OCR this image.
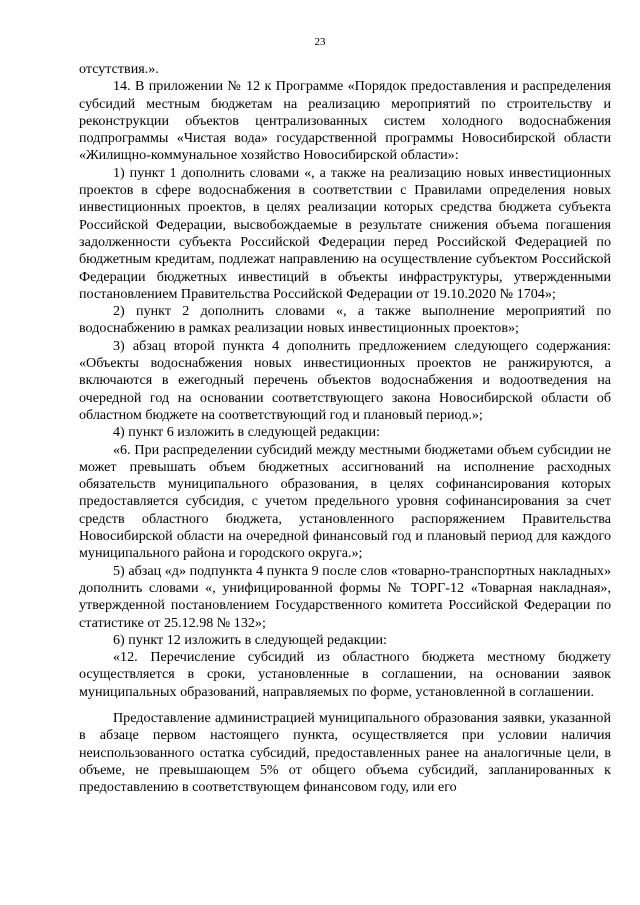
23

отсутствия.».

14. В приложении № 12 к Программе «Порядок предоставления и распределения субсидий местным бюджетам на реализацию мероприятий по строительству и реконструкции объектов централизованных систем холодного водоснабжения подпрограммы «Чистая вода» государственной программы Новосибирской области «Жилищно-коммунальное хозяйство Новосибирской области»:

1) пункт 1 дополнить словами «, а также на реализацию новых инвестиционных проектов в сфере водоснабжения в соответствии с Правилами определения новых инвестиционных проектов, в целях реализации которых средства бюджета субъекта Российской Федерации, высвобождаемые в результате снижения объема погашения задолженности субъекта Российской Федерации перед Российской Федерацией по бюджетным кредитам, подлежат направлению на осуществление субъектом Российской Федерации бюджетных инвестиций в объекты инфраструктуры, утвержденными постановлением Правительства Российской Федерации от 19.10.2020 № 1704»;

2) пункт 2 дополнить словами «, а также выполнение мероприятий по водоснабжению в рамках реализации новых инвестиционных проектов»;

3) абзац второй пункта 4 дополнить предложением следующего содержания: «Объекты водоснабжения новых инвестиционных проектов не ранжируются, а включаются в ежегодный перечень объектов водоснабжения и водоотведения на очередной год на основании соответствующего закона Новосибирской области об областном бюджете на соответствующий год и плановый период.»;

4) пункт 6 изложить в следующей редакции:

«6. При распределении субсидий между местными бюджетами объем субсидии не может превышать объем бюджетных ассигнований на исполнение расходных обязательств муниципального образования, в целях софинансирования которых предоставляется субсидия, с учетом предельного уровня софинансирования за счет средств областного бюджета, установленного распоряжением Правительства Новосибирской области на очередной финансовый год и плановый период для каждого муниципального района и городского округа.»;

5) абзац «д» подпункта 4 пункта 9 после слов «товарно-транспортных накладных» дополнить словами «, унифицированной формы № ТОРГ-12 «Товарная накладная», утвержденной постановлением Государственного комитета Российской Федерации по статистике от 25.12.98 № 132»;

6) пункт 12 изложить в следующей редакции:

«12. Перечисление субсидий из областного бюджета местному бюджету осуществляется в сроки, установленные в соглашении, на основании заявок муниципальных образований, направляемых по форме, установленной в соглашении.

Предоставление администрацией муниципального образования заявки, указанной в абзаце первом настоящего пункта, осуществляется при условии наличия неиспользованного остатка субсидий, предоставленных ранее на аналогичные цели, в объеме, не превышающем 5% от общего объема субсидий, запланированных к предоставлению в соответствующем финансовом году, или его
